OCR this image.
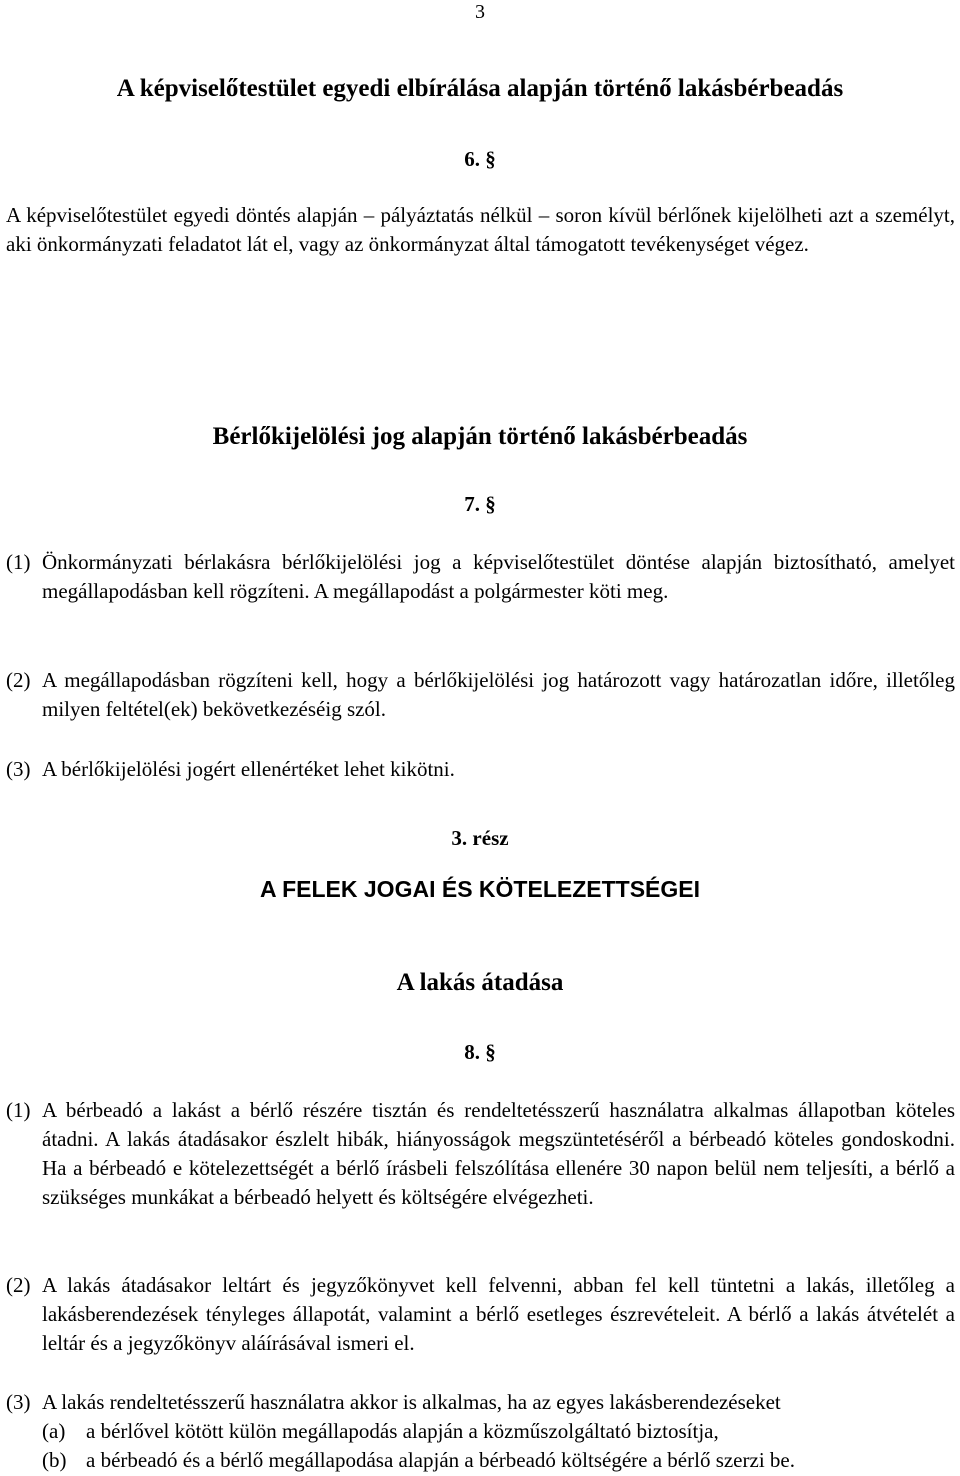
3
A képviselőtestület egyedi elbírálása alapján történő lakásbérbeadás
6. §
A képviselőtestület egyedi döntés alapján – pályáztatás nélkül – soron kívül bérlőnek kijelölheti azt a személyt, aki önkormányzati feladatot lát el, vagy az önkormányzat által támogatott tevékenységet végez.
Bérlőkijelölési jog alapján történő lakásbérbeadás
7. §
(1) Önkormányzati bérlakásra bérlőkijelölési jog a képviselőtestület döntése alapján biztosítható, amelyet megállapodásban kell rögzíteni. A megállapodást a polgármester köti meg.
(2) A megállapodásban rögzíteni kell, hogy a bérlőkijelölési jog határozott vagy határozatlan időre, illetőleg milyen feltétel(ek) bekövetkezéséig szól.
(3) A bérlőkijelölési jogért ellenértéket lehet kikötni.
3. rész
A FELEK JOGAI ÉS KÖTELEZETTSÉGEI
A lakás átadása
8. §
(1) A bérbeadó a lakást a bérlő részére tisztán és rendeltetésszerű használatra alkalmas állapotban köteles átadni. A lakás átadásakor észlelt hibák, hiányosságok megszüntetéséről a bérbeadó köteles gondoskodni. Ha a bérbeadó e kötelezettségét a bérlő írásbeli felszólítása ellenére 30 napon belül nem teljesíti, a bérlő a szükséges munkákat a bérbeadó helyett és költségére elvégezheti.
(2) A lakás átadásakor leltárt és jegyzőkönyvet kell felvenni, abban fel kell tüntetni a lakás, illetőleg a lakásberendezések tényleges állapotát, valamint a bérlő esetleges észrevételeit. A bérlő a lakás átvételét a leltár és a jegyzőkönyv aláírásával ismeri el.
(3) A lakás rendeltetésszerű használatra akkor is alkalmas, ha az egyes lakásberendezéseket
(a) a bérlővel kötött külön megállapodás alapján a közműszolgáltató biztosítja,
(b) a bérbeadó és a bérlő megállapodása alapján a bérbeadó költségére a bérlő szerzi be.
